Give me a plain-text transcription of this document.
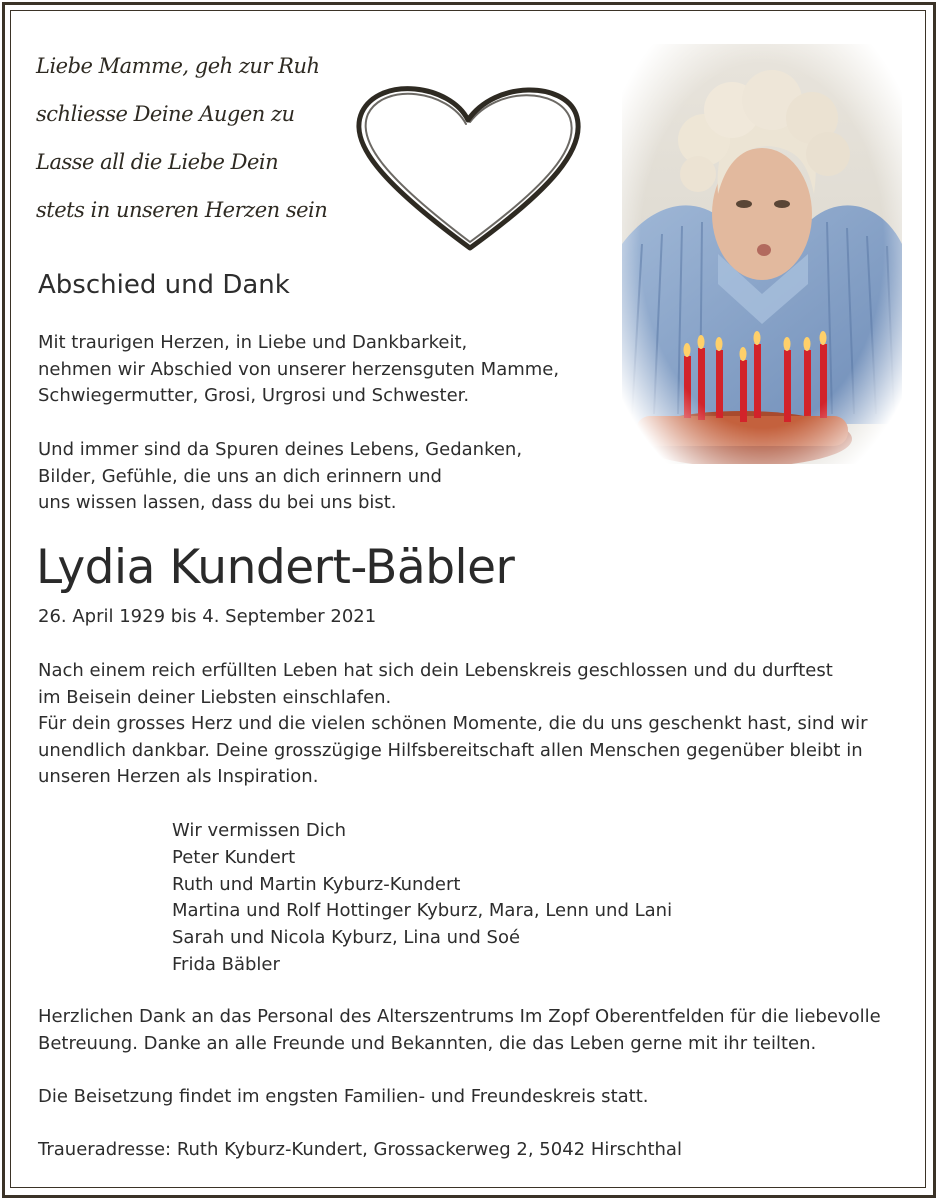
Liebe Mamme, geh zur Ruh
schliesse Deine Augen zu
Lasse all die Liebe Dein
stets in unseren Herzen sein
Abschied und Dank
Mit traurigen Herzen, in Liebe und Dankbarkeit,
nehmen wir Abschied von unserer herzensguten Mamme,
Schwiegermutter, Grosi, Urgrosi und Schwester.
Und immer sind da Spuren deines Lebens, Gedanken,
Bilder, Gefühle, die uns an dich erinnern und
uns wissen lassen, dass du bei uns bist.
Lydia Kundert-Bäbler
26. April 1929 bis 4. September 2021
Nach einem reich erfüllten Leben hat sich dein Lebenskreis geschlossen und du durftest
im Beisein deiner Liebsten einschlafen.
Für dein grosses Herz und die vielen schönen Momente, die du uns geschenkt hast, sind wir
unendlich dankbar. Deine grosszügige Hilfsbereitschaft allen Menschen gegenüber bleibt in
unseren Herzen als Inspiration.
Wir vermissen Dich
Peter Kundert
Ruth und Martin Kyburz-Kundert
Martina und Rolf Hottinger Kyburz, Mara, Lenn und Lani
Sarah und Nicola Kyburz, Lina und Soé
Frida Bäbler
Herzlichen Dank an das Personal des Alterszentrums Im Zopf Oberentfelden für die liebevolle
Betreuung. Danke an alle Freunde und Bekannten, die das Leben gerne mit ihr teilten.
Die Beisetzung findet im engsten Familien- und Freundeskreis statt.
Traueradresse: Ruth Kyburz-Kundert, Grossackerweg 2, 5042 Hirschthal
